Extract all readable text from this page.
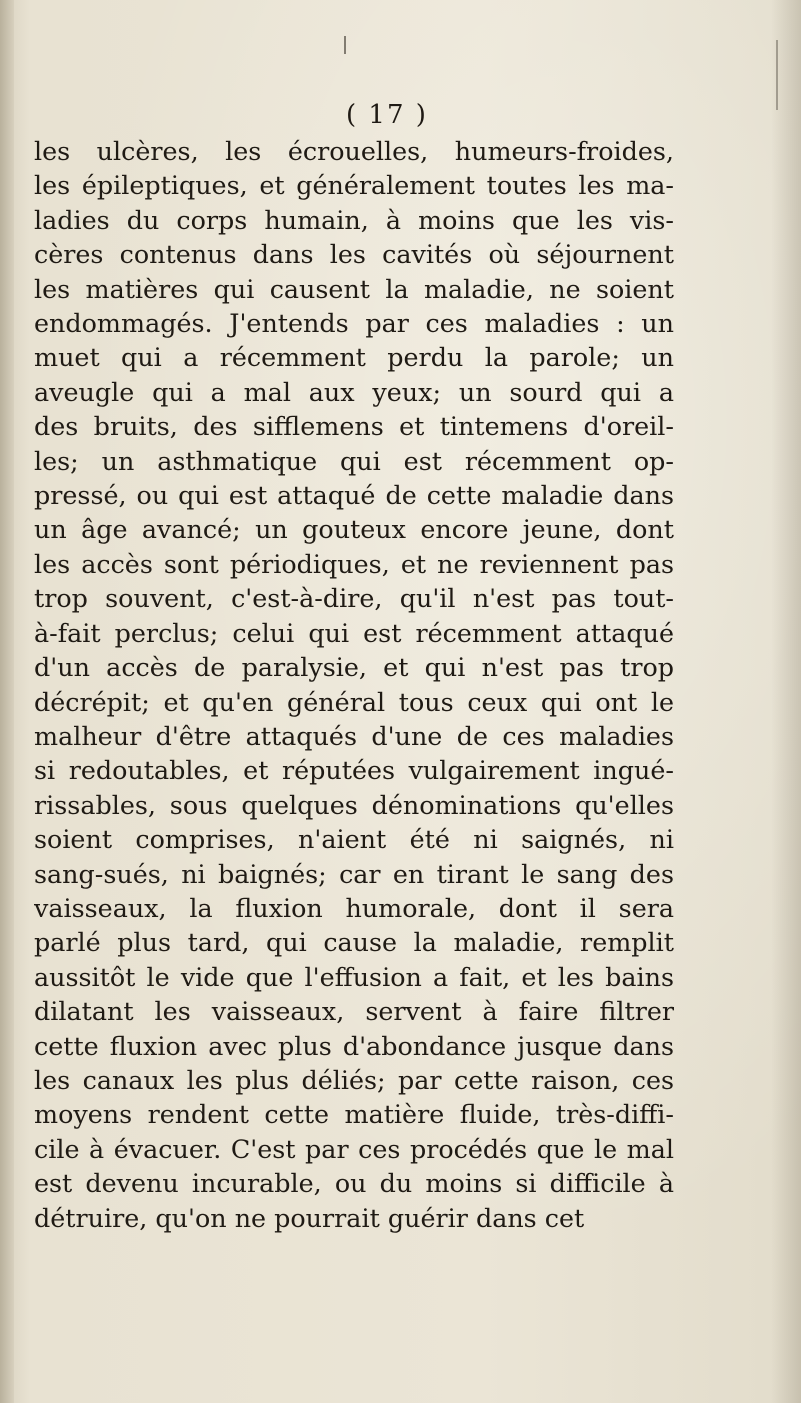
( 17 )
les ulcères, les écrouelles, humeurs-froides,
les épileptiques, et généralement toutes les ma-
ladies du corps humain, à moins que les vis-
cères contenus dans les cavités où séjournent
les matières qui causent la maladie, ne soient
endommagés. J'entends par ces maladies : un
muet qui a récemment perdu la parole; un
aveugle qui a mal aux yeux; un sourd qui a
des bruits, des sifflemens et tintemens d'oreil-
les; un asthmatique qui est récemment op-
pressé, ou qui est attaqué de cette maladie dans
un âge avancé; un gouteux encore jeune, dont
les accès sont périodiques, et ne reviennent pas
trop souvent, c'est-à-dire, qu'il n'est pas tout-
à-fait perclus; celui qui est récemment attaqué
d'un accès de paralysie, et qui n'est pas trop
décrépit; et qu'en général tous ceux qui ont le
malheur d'être attaqués d'une de ces maladies
si redoutables, et réputées vulgairement ingué-
rissables, sous quelques dénominations qu'elles
soient comprises, n'aient été ni saignés, ni
sang-sués, ni baignés; car en tirant le sang des
vaisseaux, la fluxion humorale, dont il sera
parlé plus tard, qui cause la maladie, remplit
aussitôt le vide que l'effusion a fait, et les bains
dilatant les vaisseaux, servent à faire filtrer
cette fluxion avec plus d'abondance jusque dans
les canaux les plus déliés; par cette raison, ces
moyens rendent cette matière fluide, très-diffi-
cile à évacuer. C'est par ces procédés que le mal
est devenu incurable, ou du moins si difficile à
détruire, qu'on ne pourrait guérir dans cet
